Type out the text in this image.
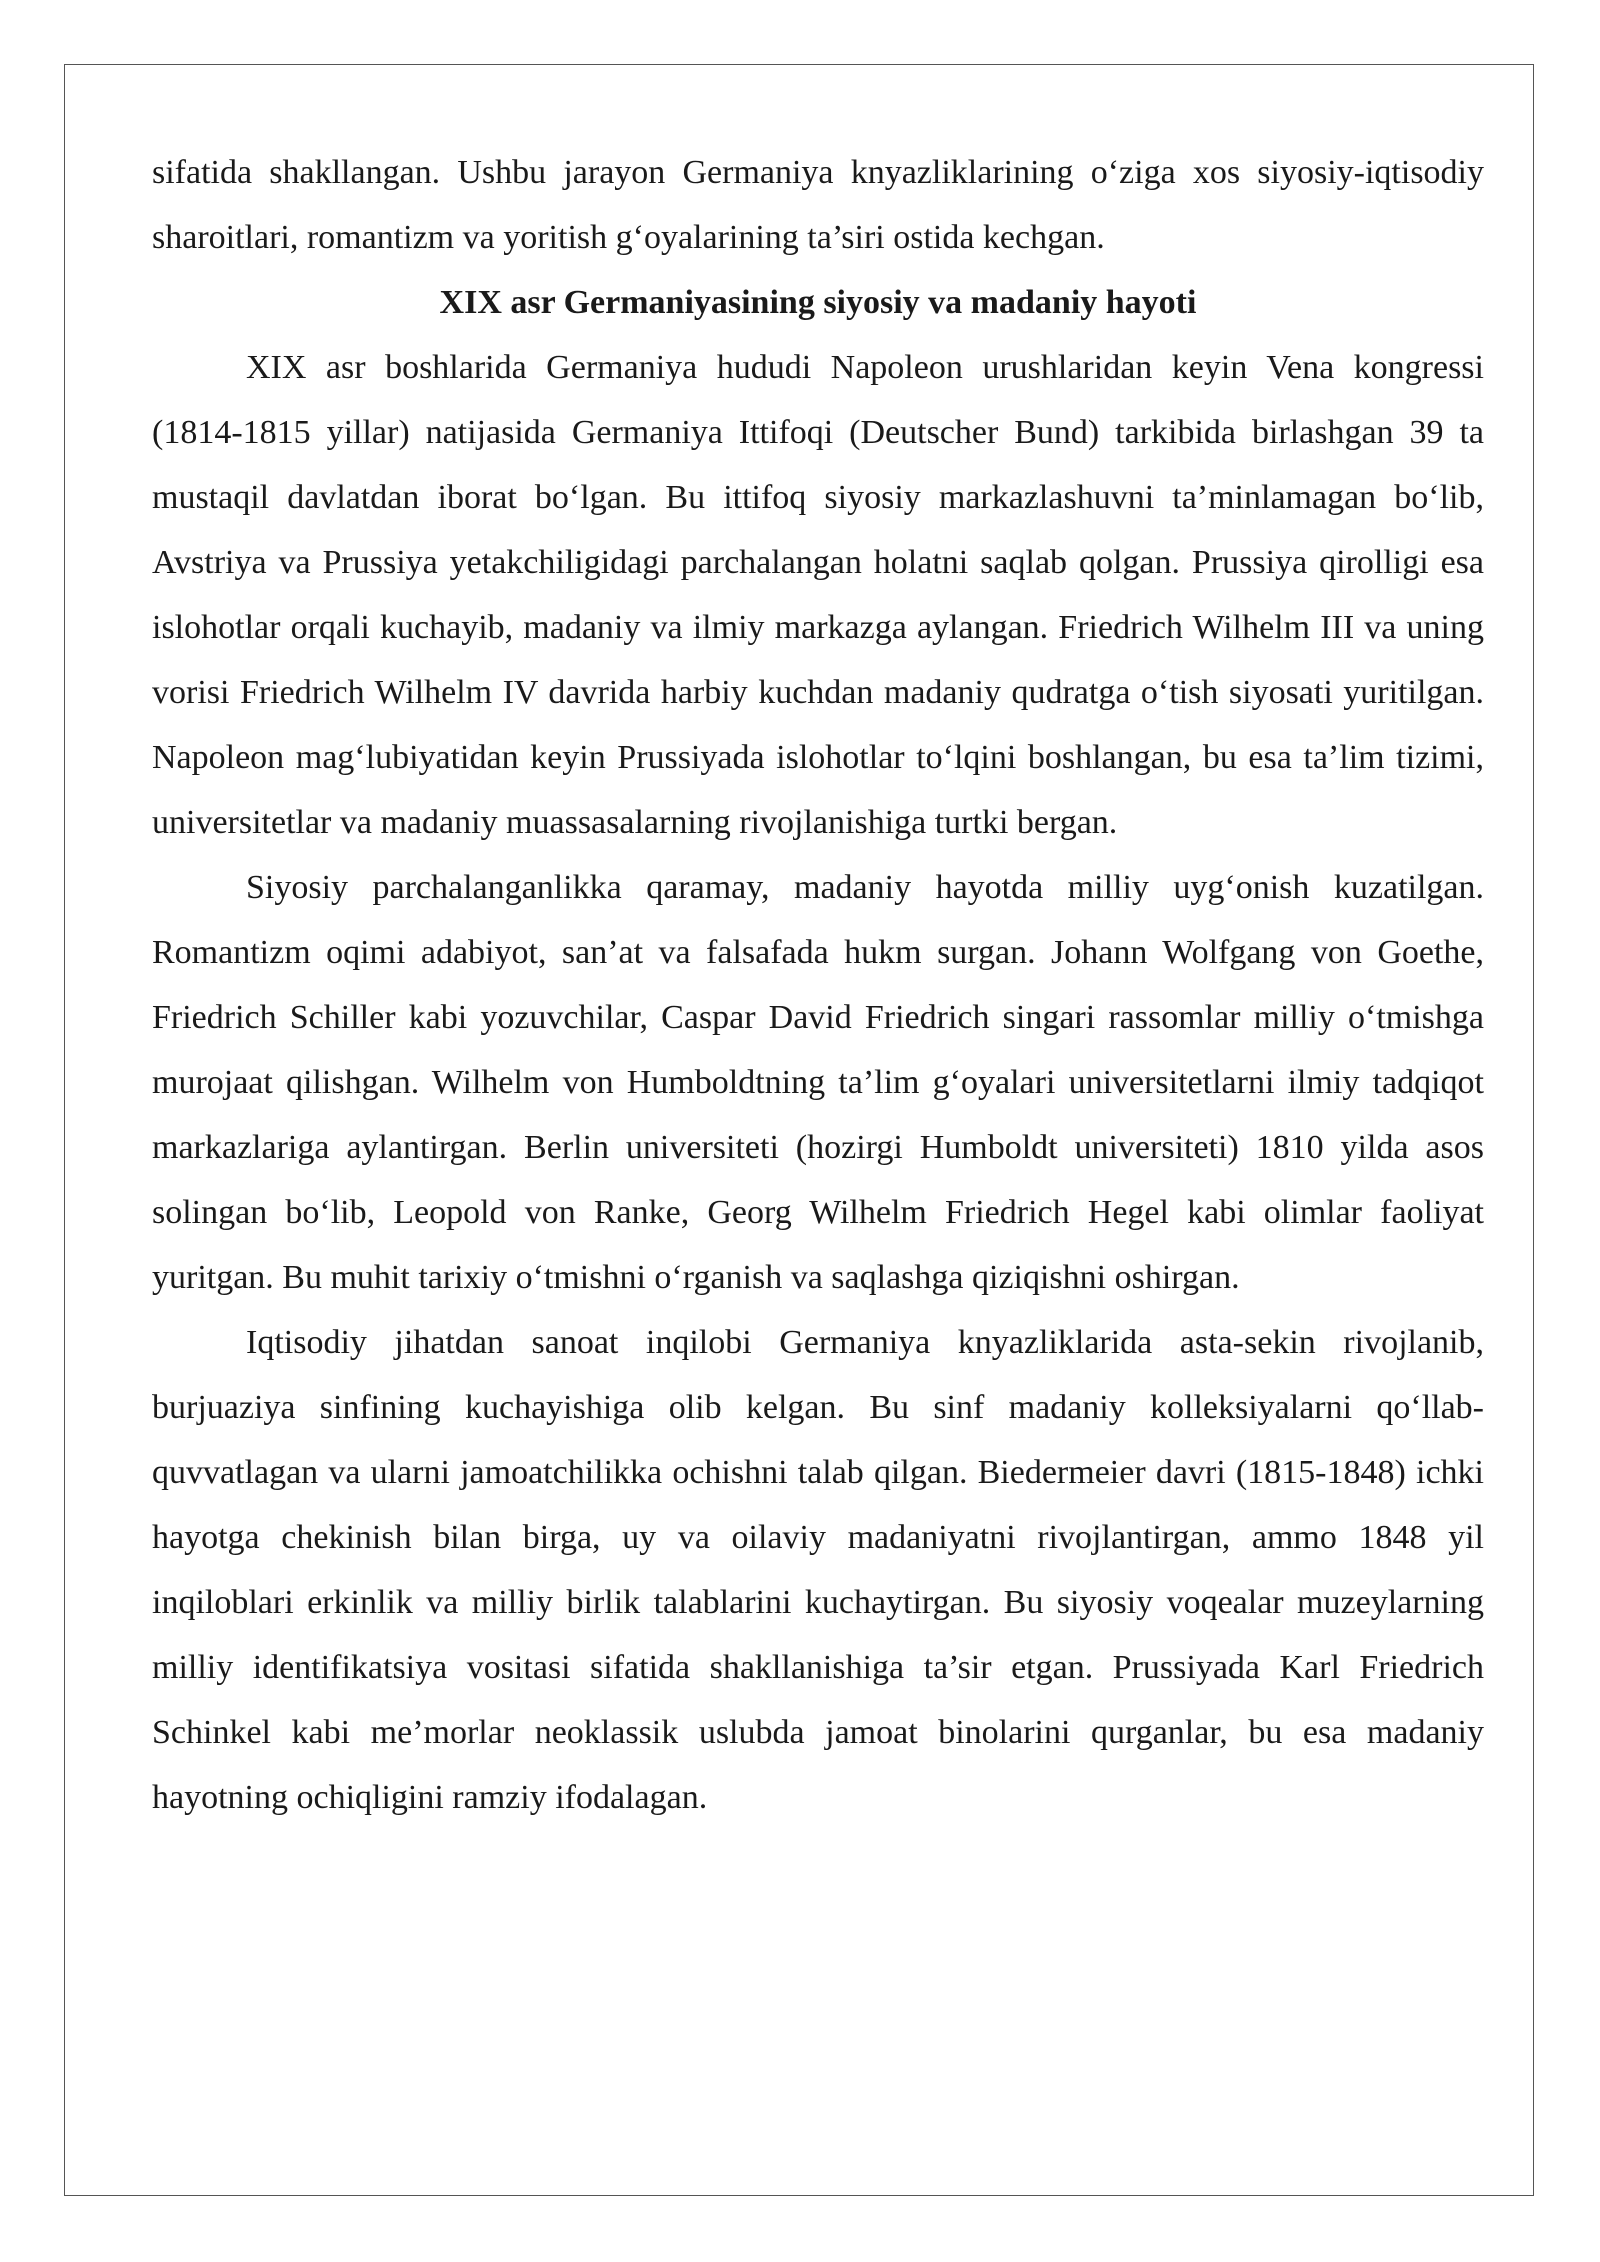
sifatida shakllangan. Ushbu jarayon Germaniya knyazliklarining o‘ziga xos siyosiy-iqtisodiy sharoitlari, romantizm va yoritish g‘oyalarining ta’siri ostida kechgan.

XIX asr Germaniyasining siyosiy va madaniy hayoti

XIX asr boshlarida Germaniya hududi Napoleon urushlaridan keyin Vena kongressi (1814-1815 yillar) natijasida Germaniya Ittifoqi (Deutscher Bund) tarkibida birlashgan 39 ta mustaqil davlatdan iborat bo‘lgan. Bu ittifoq siyosiy markazlashuvni ta’minlamagan bo‘lib, Avstriya va Prussiya yetakchiligidagi parchalangan holatni saqlab qolgan. Prussiya qirolligi esa islohotlar orqali kuchayib, madaniy va ilmiy markazga aylangan. Friedrich Wilhelm III va uning vorisi Friedrich Wilhelm IV davrida harbiy kuchdan madaniy qudratga o‘tish siyosati yuritilgan. Napoleon mag‘lubiyatidan keyin Prussiyada islohotlar to‘lqini boshlangan, bu esa ta’lim tizimi, universitetlar va madaniy muassasalarning rivojlanishiga turtki bergan.

Siyosiy parchalanganlikka qaramay, madaniy hayotda milliy uyg‘onish kuzatilgan. Romantizm oqimi adabiyot, san’at va falsafada hukm surgan. Johann Wolfgang von Goethe, Friedrich Schiller kabi yozuvchilar, Caspar David Friedrich singari rassomlar milliy o‘tmishga murojaat qilishgan. Wilhelm von Humboldtning ta’lim g‘oyalari universitetlarni ilmiy tadqiqot markazlariga aylantirgan. Berlin universiteti (hozirgi Humboldt universiteti) 1810 yilda asos solingan bo‘lib, Leopold von Ranke, Georg Wilhelm Friedrich Hegel kabi olimlar faoliyat yuritgan. Bu muhit tarixiy o‘tmishni o‘rganish va saqlashga qiziqishni oshirgan.

Iqtisodiy jihatdan sanoat inqilobi Germaniya knyazliklarida asta-sekin rivojlanib, burjuaziya sinfining kuchayishiga olib kelgan. Bu sinf madaniy kolleksiyalarni qo‘llab-quvvatlagan va ularni jamoatchilikka ochishni talab qilgan. Biedermeier davri (1815-1848) ichki hayotga chekinish bilan birga, uy va oilaviy madaniyatni rivojlantirgan, ammo 1848 yil inqiloblari erkinlik va milliy birlik talablarini kuchaytirgan. Bu siyosiy voqealar muzeylarning milliy identifikatsiya vositasi sifatida shakllanishiga ta’sir etgan. Prussiyada Karl Friedrich Schinkel kabi me’morlar neoklassik uslubda jamoat binolarini qurganlar, bu esa madaniy hayotning ochiqligini ramziy ifodalagan.
